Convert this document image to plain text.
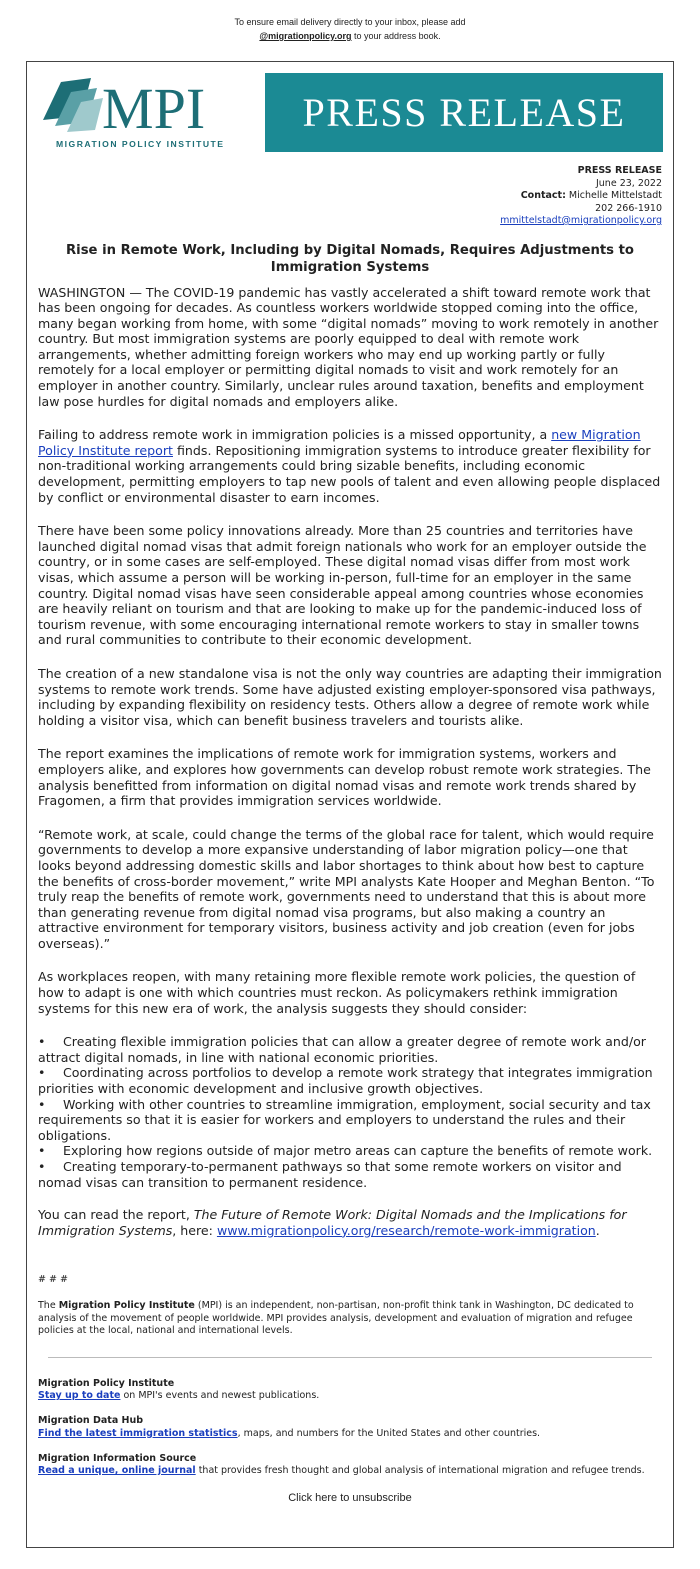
To ensure email delivery directly to your inbox, please add
@migrationpolicy.org to your address book.
MPI
MIGRATION POLICY INSTITUTE
PRESS RELEASE
PRESS RELEASE
June 23, 2022
Contact: Michelle Mittelstadt
202 266-1910
mmittelstadt@migrationpolicy.org
Rise in Remote Work, Including by Digital Nomads, Requires Adjustments to Immigration Systems

WASHINGTON — The COVID-19 pandemic has vastly accelerated a shift toward remote work that has been ongoing for decades. As countless workers worldwide stopped coming into the office, many began working from home, with some “digital nomads” moving to work remotely in another country. But most immigration systems are poorly equipped to deal with remote work arrangements, whether admitting foreign workers who may end up working partly or fully remotely for a local employer or permitting digital nomads to visit and work remotely for an employer in another country. Similarly, unclear rules around taxation, benefits and employment law pose hurdles for digital nomads and employers alike.

Failing to address remote work in immigration policies is a missed opportunity, a new Migration Policy Institute report finds. Repositioning immigration systems to introduce greater flexibility for non-traditional working arrangements could bring sizable benefits, including economic development, permitting employers to tap new pools of talent and even allowing people displaced by conflict or environmental disaster to earn incomes.

There have been some policy innovations already. More than 25 countries and territories have launched digital nomad visas that admit foreign nationals who work for an employer outside the country, or in some cases are self-employed. These digital nomad visas differ from most work visas, which assume a person will be working in-person, full-time for an employer in the same country. Digital nomad visas have seen considerable appeal among countries whose economies are heavily reliant on tourism and that are looking to make up for the pandemic-induced loss of tourism revenue, with some encouraging international remote workers to stay in smaller towns and rural communities to contribute to their economic development.

The creation of a new standalone visa is not the only way countries are adapting their immigration systems to remote work trends. Some have adjusted existing employer-sponsored visa pathways, including by expanding flexibility on residency tests. Others allow a degree of remote work while holding a visitor visa, which can benefit business travelers and tourists alike.

The report examines the implications of remote work for immigration systems, workers and employers alike, and explores how governments can develop robust remote work strategies. The analysis benefitted from information on digital nomad visas and remote work trends shared by Fragomen, a firm that provides immigration services worldwide.

“Remote work, at scale, could change the terms of the global race for talent, which would require governments to develop a more expansive understanding of labor migration policy—one that looks beyond addressing domestic skills and labor shortages to think about how best to capture the benefits of cross-border movement,” write MPI analysts Kate Hooper and Meghan Benton. “To truly reap the benefits of remote work, governments need to understand that this is about more than generating revenue from digital nomad visa programs, but also making a country an attractive environment for temporary visitors, business activity and job creation (even for jobs overseas).”

As workplaces reopen, with many retaining more flexible remote work policies, the question of how to adapt is one with which countries must reckon. As policymakers rethink immigration systems for this new era of work, the analysis suggests they should consider:

• Creating flexible immigration policies that can allow a greater degree of remote work and/or attract digital nomads, in line with national economic priorities.
• Coordinating across portfolios to develop a remote work strategy that integrates immigration priorities with economic development and inclusive growth objectives.
• Working with other countries to streamline immigration, employment, social security and tax requirements so that it is easier for workers and employers to understand the rules and their obligations.
• Exploring how regions outside of major metro areas can capture the benefits of remote work.
• Creating temporary-to-permanent pathways so that some remote workers on visitor and nomad visas can transition to permanent residence.

You can read the report, The Future of Remote Work: Digital Nomads and the Implications for Immigration Systems, here: www.migrationpolicy.org/research/remote-work-immigration.

# # #

The Migration Policy Institute (MPI) is an independent, non-partisan, non-profit think tank in Washington, DC dedicated to analysis of the movement of people worldwide. MPI provides analysis, development and evaluation of migration and refugee policies at the local, national and international levels.

Migration Policy Institute
Stay up to date on MPI's events and newest publications.
Migration Data Hub
Find the latest immigration statistics, maps, and numbers for the United States and other countries.
Migration Information Source
Read a unique, online journal that provides fresh thought and global analysis of international migration and refugee trends.
Click here to unsubscribe
